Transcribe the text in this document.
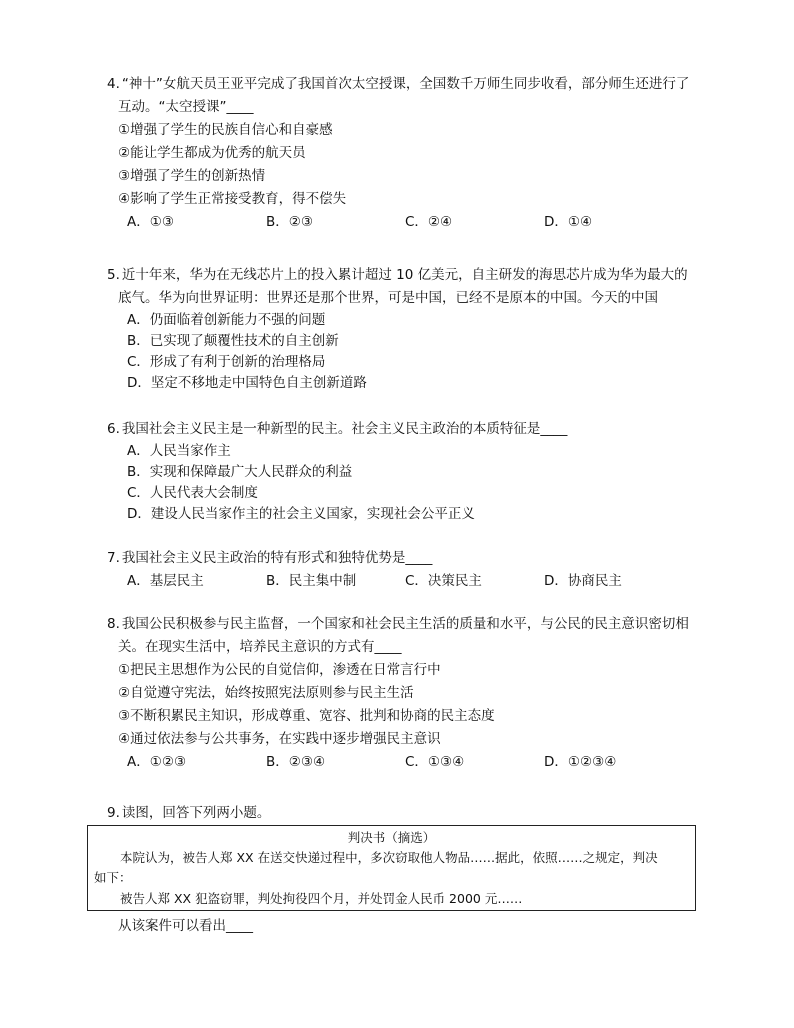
4. “神十”女航天员王亚平完成了我国首次太空授课，全国数千万师生同步收看，部分师生还进行了
互动。“太空授课”____
①增强了学生的民族自信心和自豪感
②能让学生都成为优秀的航天员
③增强了学生的创新热情
④影响了学生正常接受教育，得不偿失
A．①③	B．②③	C．②④	D．①④
5. 近十年来，华为在无线芯片上的投入累计超过 10 亿美元，自主研发的海思芯片成为华为最大的
底气。华为向世界证明：世界还是那个世界，可是中国，已经不是原本的中国。今天的中国
A．仍面临着创新能力不强的问题
B．已实现了颠覆性技术的自主创新
C．形成了有利于创新的治理格局
D．坚定不移地走中国特色自主创新道路
6. 我国社会主义民主是一种新型的民主。社会主义民主政治的本质特征是____
A．人民当家作主
B．实现和保障最广大人民群众的利益
C．人民代表大会制度
D．建设人民当家作主的社会主义国家，实现社会公平正义
7. 我国社会主义民主政治的特有形式和独特优势是____
A．基层民主	B．民主集中制	C．决策民主	D．协商民主
8. 我国公民积极参与民主监督，一个国家和社会民主生活的质量和水平，与公民的民主意识密切相
关。在现实生活中，培养民主意识的方式有____
①把民主思想作为公民的自觉信仰，渗透在日常言行中
②自觉遵守宪法，始终按照宪法原则参与民主生活
③不断积累民主知识，形成尊重、宽容、批判和协商的民主态度
④通过依法参与公共事务，在实践中逐步增强民主意识
A．①②③	B．②③④	C．①③④	D．①②③④
9. 读图，回答下列两小题。
判决书（摘选）
本院认为，被告人郑 XX 在送交快递过程中，多次窃取他人物品……据此，依照……之规定，判决
如下：
被告人郑 XX 犯盗窃罪，判处拘役四个月，并处罚金人民币 2000 元……
从该案件可以看出____
